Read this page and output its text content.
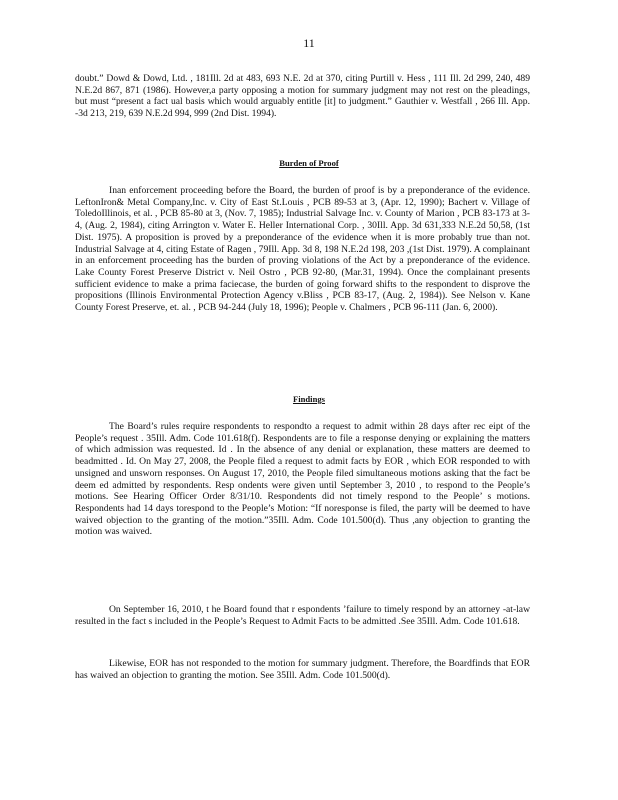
11

doubt.” Dowd & Dowd, Ltd. , 181Ill. 2d at 483, 693 N.E. 2d at 370, citing Purtill v. Hess , 111 Ill. 2d 299, 240, 489 N.E.2d 867, 871 (1986). However,a party opposing a motion for summary judgment may not rest on the pleadings, but must “present a fact ual basis which would arguably entitle [it] to judgment.” Gauthier v. Westfall , 266 Ill. App. -3d 213, 219, 639 N.E.2d 994, 999 (2nd Dist. 1994).

Burden of Proof

Inan enforcement proceeding before the Board, the burden of proof is by a preponderance of the evidence. LeftonIron& Metal Company,Inc. v. City of East St.Louis , PCB 89-53 at 3, (Apr. 12, 1990); Bachert v. Village of ToledoIllinois, et al. , PCB 85-80 at 3, (Nov. 7, 1985); Industrial Salvage Inc. v. County of Marion , PCB 83-173 at 3-4, (Aug. 2, 1984), citing Arrington v. Water E. Heller International Corp. , 30Ill. App. 3d 631,333 N.E.2d 50,58, (1st Dist. 1975). A proposition is proved by a preponderance of the evidence when it is more probably true than not. Industrial Salvage at 4, citing Estate of Ragen , 79Ill. App. 3d 8, 198 N.E.2d 198, 203 ,(1st Dist. 1979). A complainant in an enforcement proceeding has the burden of proving violations of the Act by a preponderance of the evidence. Lake County Forest Preserve District v. Neil Ostro , PCB 92-80, (Mar.31, 1994). Once the complainant presents sufficient evidence to make a prima faciecase, the burden of going forward shifts to the respondent to disprove the propositions (Illinois Environmental Protection Agency v.Bliss , PCB 83-17, (Aug. 2, 1984)). See Nelson v. Kane County Forest Preserve, et. al. , PCB 94-244 (July 18, 1996); People v. Chalmers , PCB 96-111 (Jan. 6, 2000).

Findings

The Board’s rules require respondents to respondto a request to admit within 28 days after rec eipt of the People’s request . 35Ill. Adm. Code 101.618(f). Respondents are to file a response denying or explaining the matters of which admission was requested. Id . In the absence of any denial or explanation, these matters are deemed to beadmitted . Id. On May 27, 2008, the People filed a request to admit facts by EOR , which EOR responded to with unsigned and unsworn responses. On August 17, 2010, the People filed simultaneous motions asking that the fact be deem ed admitted by respondents. Resp ondents were given until September 3, 2010 , to respond to the People’s motions. See Hearing Officer Order 8/31/10. Respondents did not timely respond to the People’ s motions. Respondents had 14 days torespond to the People’s Motion: “If noresponse is filed, the party will be deemed to have waived objection to the granting of the motion.”35Ill. Adm. Code 101.500(d). Thus ,any objection to granting the motion was waived.

On September 16, 2010, t he Board found that r espondents ’failure to timely respond by an attorney -at-law resulted in the fact s included in the People’s Request to Admit Facts to be admitted .See 35Ill. Adm. Code 101.618.

Likewise, EOR has not responded to the motion for summary judgment. Therefore, the Boardfinds that EOR has waived an objection to granting the motion. See 35Ill. Adm. Code 101.500(d).
